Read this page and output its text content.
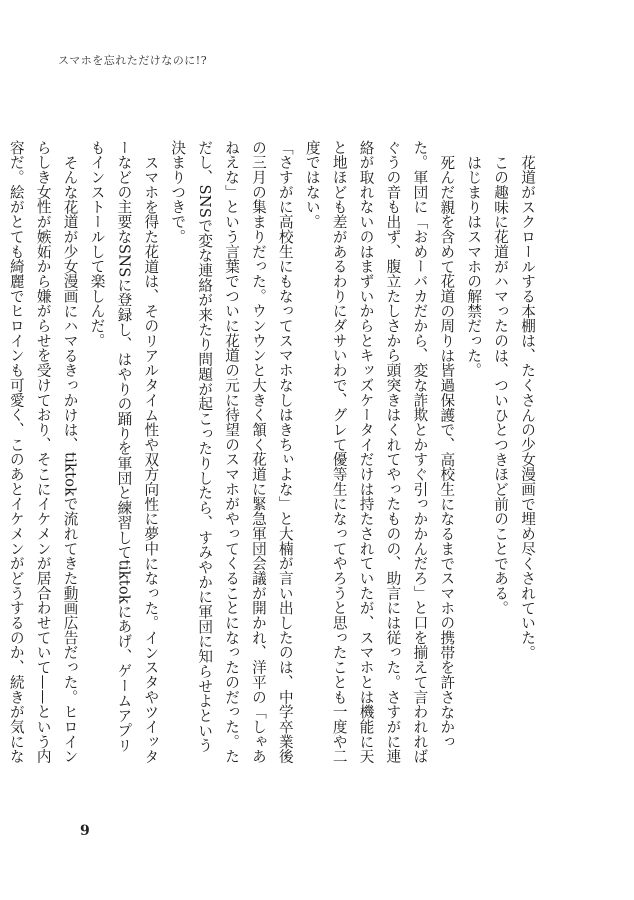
スマホを忘れただけなのに!?

花道がスクロールする本棚は、たくさんの少女漫画で埋め尽くされていた。

この趣味に花道がハマったのは、ついひとつきほど前のことである。

はじまりはスマホの解禁だった。

死んだ親を含めて花道の周りは皆過保護で、高校生になるまでスマホの携帯を許さなかった。軍団に「おめーバカだから、変な詐欺とかすぐ引っかかんだろ」と口を揃えて言われればぐうの音も出ず、腹立たしさから頭突きはくれてやったものの、助言には従った。さすがに連絡が取れないのはまずいからとキッズケータイだけは持たされていたが、スマホとは機能に天と地ほども差があるわりにダサいわで、グレて優等生になってやろうと思ったことも一度や二度ではない。

「さすがに高校生にもなってスマホなしはきちぃよな」と大楠が言い出したのは、中学卒業後の三月の集まりだった。ウンウンと大きく頷く花道に緊急軍団会議が開かれ、洋平の「しゃあねえな」という言葉でついに花道の元に待望のスマホがやってくることになったのだった。ただし、SNSで変な連絡が来たり問題が起こったりしたら、すみやかに軍団に知らせよという決まりつきで。

スマホを得た花道は、そのリアルタイム性や双方向性に夢中になった。インスタやツイッターなどの主要なSNSに登録し、はやりの踊りを軍団と練習してtiktokにあげ、ゲームアプリもインストールして楽しんだ。

そんな花道が少女漫画にハマるきっかけは、tiktokで流れてきた動画広告だった。ヒロインらしき女性が嫉妬から嫌がらせを受けており、そこにイケメンが居合わせていて——という内容だ。絵がとても綺麗でヒロインも可愛く、このあとイケメンがどうするのか、続きが気にな

9
